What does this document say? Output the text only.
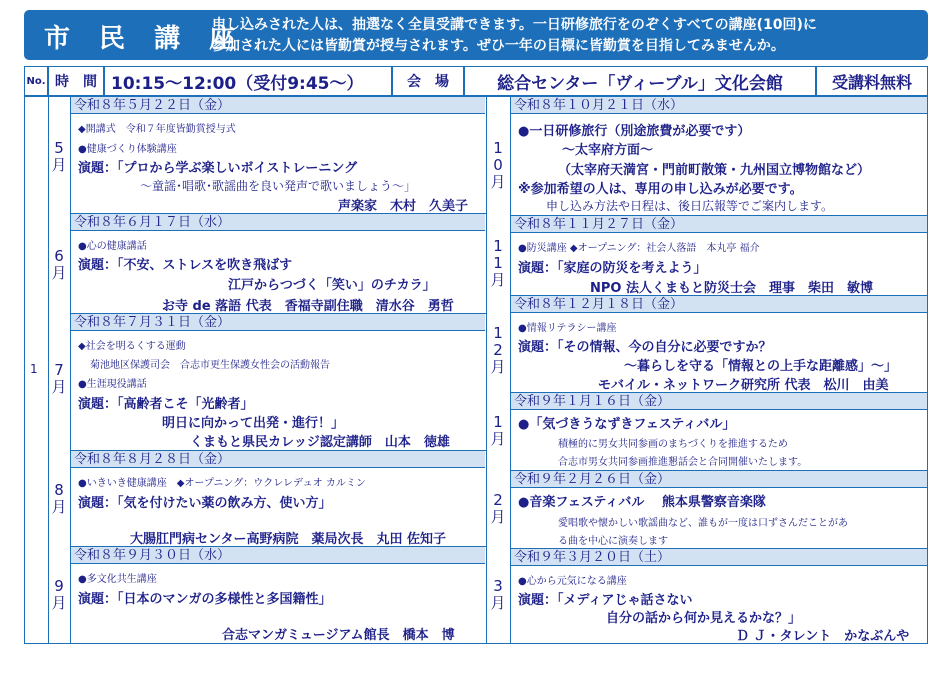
市 民 講 座
申し込みされた人は、抽選なく全員受講できます。一日研修旅行をのぞくすべての講座(10回)に
参加された人には皆勤賞が授与されます。ぜひ一年の目標に皆勤賞を目指してみませんか。
No. 時　間 10:15～12:00（受付9:45～）	会　場	総合センター「ヴィーブル」文化会館	受講料無料
1
令和８年５月２２日（金）
5
月
◆開講式　令和７年度皆勤賞授与式
●健康づくり体験講座
演題：「プロから学ぶ楽しいボイストレーニング
～童謡･唱歌･歌謡曲を良い発声で歌いましょう～」
声楽家　木村　久美子
令和８年６月１７日（水）
6
月
●心の健康講話
演題：「不安、ストレスを吹き飛ばす
江戸からつづく「笑い」のチカラ」
お寺 de 落語 代表　香福寺副住職　清水谷　勇哲
令和８年７月３１日（金）
7
月
◆社会を明るくする運動
菊池地区保護司会　合志市更生保護女性会の活動報告
●生涯現役講話
演題：「高齢者こそ「光齢者」
明日に向かって出発・進行！」
くまもと県民カレッジ認定講師　山本　徳雄
令和８年８月２８日（金）
8
月
●いきいき健康講座　◆オープニング：ウクレレデュオ カルミン
演題：「気を付けたい薬の飲み方、使い方」
大腸肛門病センター高野病院　薬局次長　丸田 佐知子
令和８年９月３０日（水）
9
月
●多文化共生講座
演題：「日本のマンガの多様性と多国籍性」
合志マンガミュージアム館長　橋本　博
令和８年１０月２１日（水）
1
0
月
●一日研修旅行（別途旅費が必要です）
～太宰府方面～
（太宰府天満宮・門前町散策・九州国立博物館など）
※参加希望の人は、専用の申し込みが必要です。
申し込み方法や日程は、後日広報等でご案内します。
令和８年１１月２７日（金）
1
1
月
●防災講座 ◆オープニング：社会人落語　本丸亭 福介
演題：「家庭の防災を考えよう」
NPO 法人くまもと防災士会　理事　柴田　敏博
令和８年１２月１８日（金）
1
2
月
●情報リテラシー講座
演題：「その情報、今の自分に必要ですか？
～暮らしを守る「情報との上手な距離感」～」
モバイル・ネットワーク研究所 代表　松川　由美
令和９年１月１６日（金）
1
月
●「気づきうなずきフェスティバル」
積極的に男女共同参画のまちづくりを推進するため
合志市男女共同参画推進懇話会と合同開催いたします。
令和９年２月２６日（金）
2
月
●音楽フェスティバル　 熊本県警察音楽隊
愛唱歌や懐かしい歌謡曲など、誰もが一度は口ずさんだことがあ
る曲を中心に演奏します
令和９年３月２０日（土）
3
月
●心から元気になる講座
演題：「メディアじゃ話さない
自分の話から何か見えるかな？」
Ｄ Ｊ・タレント　かなぶんや
